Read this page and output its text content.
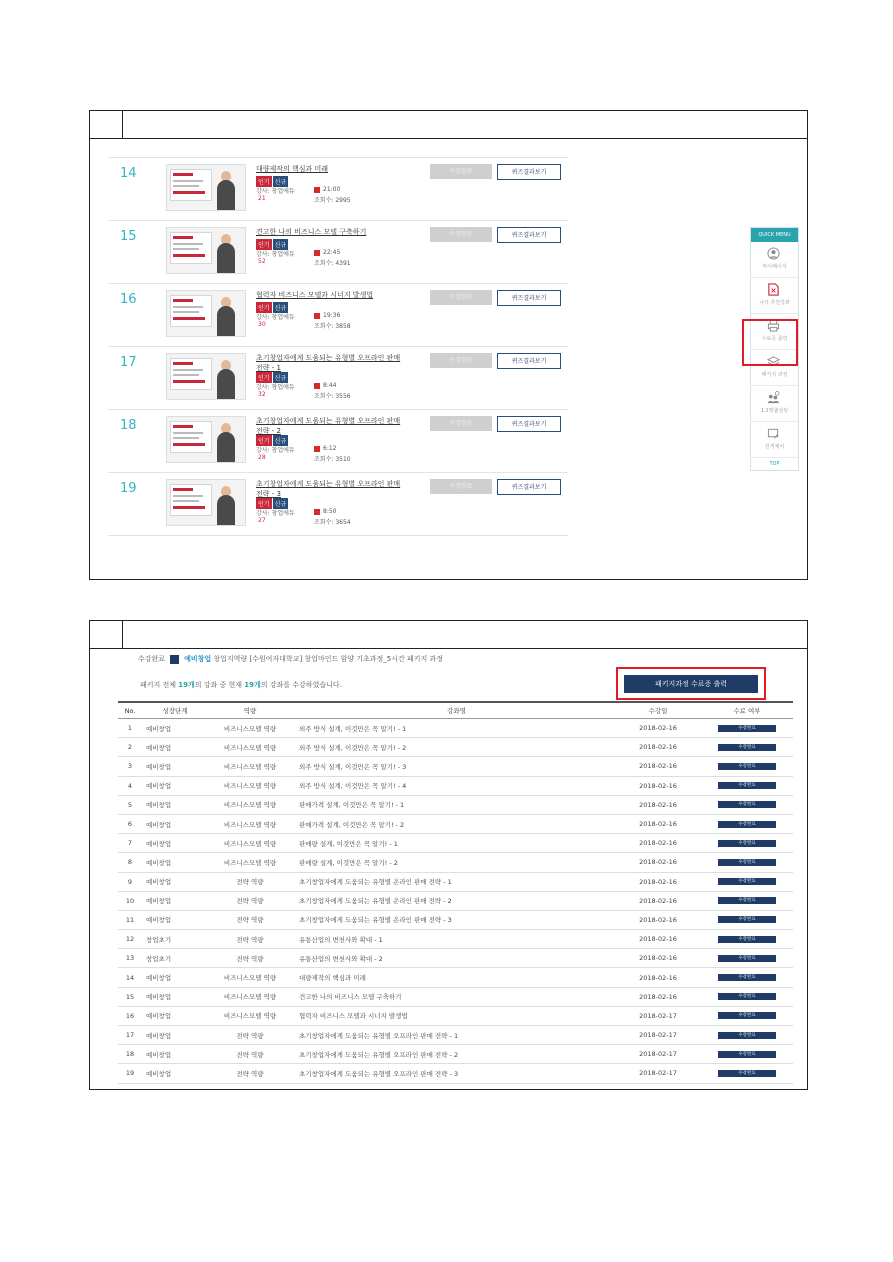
14	대량제작의 핵심과 미래
인기 신규
강사: 창업에듀
21
21:00
조회수: 2995
수강완료	퀴즈결과보기
15	견고한 나의 비즈니스 모델 구축하기
인기 신규
강사: 창업에듀
52
22:45
조회수: 4391
수강완료	퀴즈결과보기
16	협력자 비즈니스 모델과 시너지 발생법
인기 신규
강사: 창업에듀
30
19:36
조회수: 3858
수강완료	퀴즈결과보기
17	초기창업자에게 도움되는 유형별 오프라인 판매 전략 - 1
인기 신규
강사: 창업에듀
32
8:44
조회수: 3556
수강완료	퀴즈결과보기
18	초기창업자에게 도움되는 유형별 오프라인 판매 전략 - 2
인기 신규
강사: 창업에듀
28
6:12
조회수: 3510
수강완료	퀴즈결과보기
19	초기창업자에게 도움되는 유형별 오프라인 판매 전략 - 3
인기 신규
강사: 창업에듀
27
8:50
조회수: 3654
수강완료	퀴즈결과보기
QUICK MENU
마이페이지
나의 추천강좌
수료증 출력
패키지 과정
1:1맞춤상담
원격제어
TOP
수강완료	예비창업 창업지역량 [수원여자대학교] 창업마인드 함양 기초과정_5시간 패키지 과정
패키지 전체 19개의 강좌 중 현재 19개의 강좌를 수강하였습니다.	패키지과정 수료증 출력
No.	성장단계	역량	강좌명	수강일	수료 여부
1	예비창업	비즈니스모델 역량	외주 방식 설계, 이것만은 꼭 알기! - 1	2018-02-16	수강완료
2	예비창업	비즈니스모델 역량	외주 방식 설계, 이것만은 꼭 알기! - 2	2018-02-16	수강완료
3	예비창업	비즈니스모델 역량	외주 방식 설계, 이것만은 꼭 알기! - 3	2018-02-16	수강완료
4	예비창업	비즈니스모델 역량	외주 방식 설계, 이것만은 꼭 알기! - 4	2018-02-16	수강완료
5	예비창업	비즈니스모델 역량	판매가격 설계, 이것만은 꼭 알기! - 1	2018-02-16	수강완료
6	예비창업	비즈니스모델 역량	판매가격 설계, 이것만은 꼭 알기! - 2	2018-02-16	수강완료
7	예비창업	비즈니스모델 역량	판매량 설계, 이것만은 꼭 알기! - 1	2018-02-16	수강완료
8	예비창업	비즈니스모델 역량	판매량 설계, 이것만은 꼭 알기! - 2	2018-02-16	수강완료
9	예비창업	전략 역량	초기창업자에게 도움되는 유형별 온라인 판매 전략 - 1	2018-02-16	수강완료
10	예비창업	전략 역량	초기창업자에게 도움되는 유형별 온라인 판매 전략 - 2	2018-02-16	수강완료
11	예비창업	전략 역량	초기창업자에게 도움되는 유형별 온라인 판매 전략 - 3	2018-02-16	수강완료
12	창업초기	전략 역량	유통산업의 변천사와 확대 - 1	2018-02-16	수강완료
13	창업초기	전략 역량	유통산업의 변천사와 확대 - 2	2018-02-16	수강완료
14	예비창업	비즈니스모델 역량	대량제작의 핵심과 미래	2018-02-16	수강완료
15	예비창업	비즈니스모델 역량	견고한 나의 비즈니스 모델 구축하기	2018-02-16	수강완료
16	예비창업	비즈니스모델 역량	협력자 비즈니스 모델과 시너지 발생법	2018-02-17	수강완료
17	예비창업	전략 역량	초기창업자에게 도움되는 유형별 오프라인 판매 전략 - 1	2018-02-17	수강완료
18	예비창업	전략 역량	초기창업자에게 도움되는 유형별 오프라인 판매 전략 - 2	2018-02-17	수강완료
19	예비창업	전략 역량	초기창업자에게 도움되는 유형별 오프라인 판매 전략 - 3	2018-02-17	수강완료
